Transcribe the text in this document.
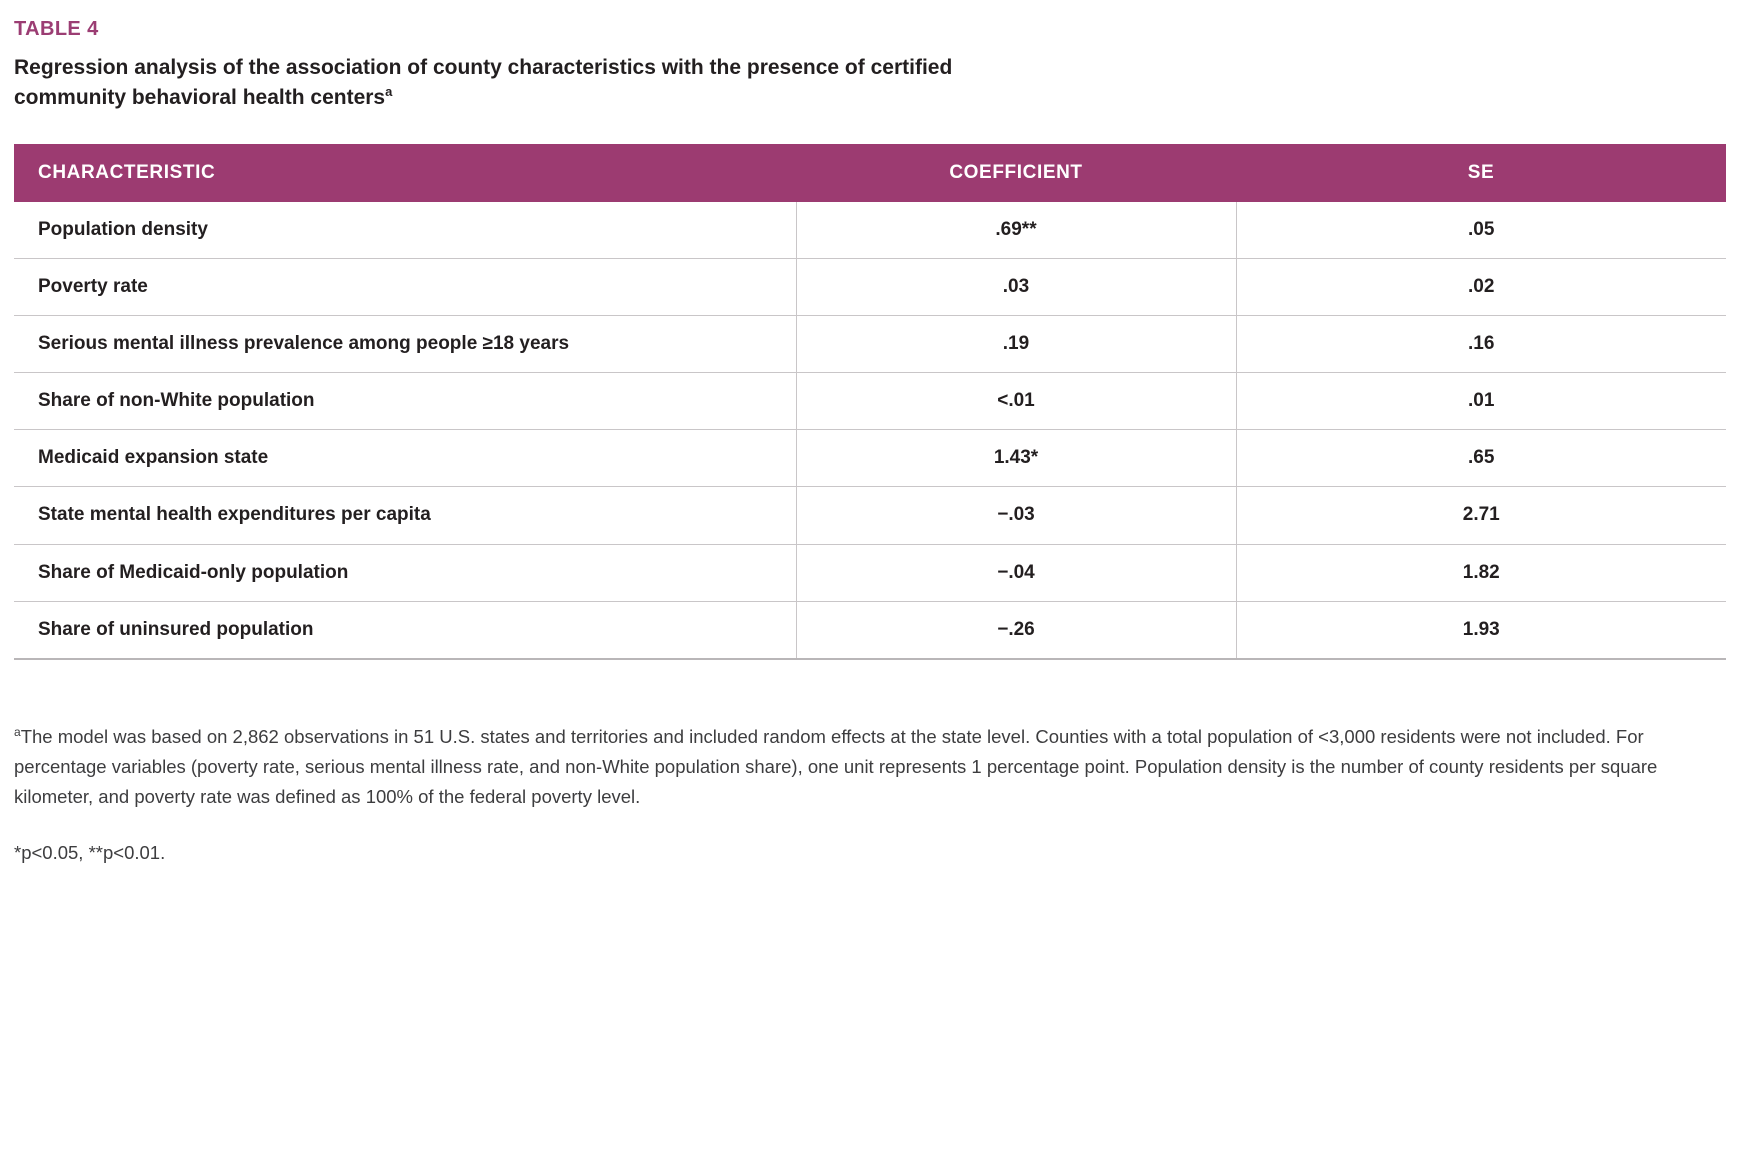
TABLE 4
Regression analysis of the association of county characteristics with the presence of certified
community behavioral health centers$^a$
CHARACTERISTIC	COEFFICIENT	SE
Population density	.69**	.05
Poverty rate	.03	.02
Serious mental illness prevalence among people ≥18 years	.19	.16
Share of non-White population	<.01	.01
Medicaid expansion state	1.43*	.65
State mental health expenditures per capita	−.03	2.71
Share of Medicaid-only population	−.04	1.82
Share of uninsured population	−.26	1.93

$^a$The model was based on 2,862 observations in 51 U.S. states and territories and included random effects at the state level. Counties with a total population of <3,000 residents were not included. For percentage variables (poverty rate, serious mental illness rate, and non-White population share), one unit represents 1 percentage point. Population density is the number of county residents per square kilometer, and poverty rate was defined as 100% of the federal poverty level.

*p<0.05, **p<0.01.
